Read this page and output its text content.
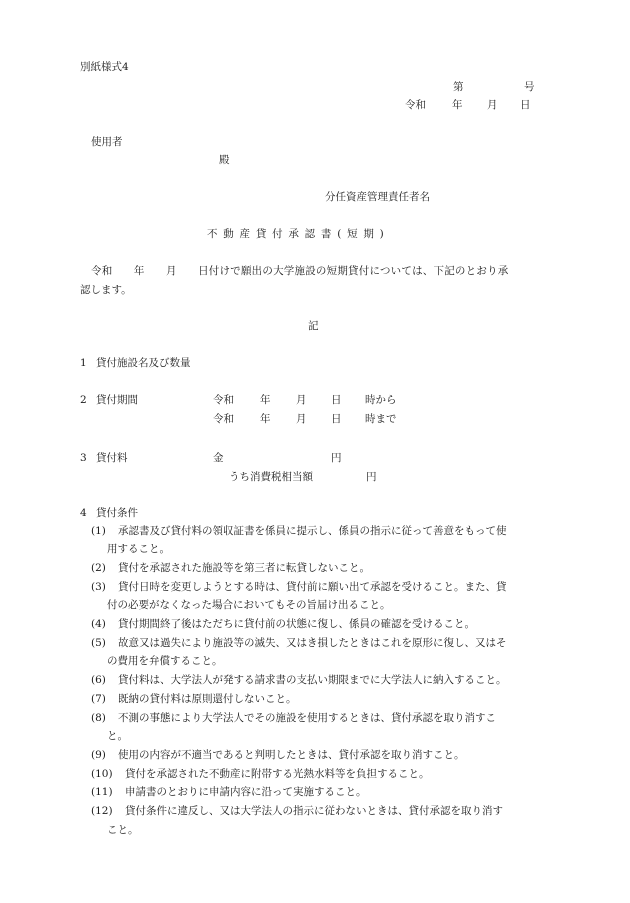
別紙様式4
第	号
令和 年 月 日
使用者
殿
分任資産管理責任者名
不動産貸付承認書(短期)
令和　　年　　月　　日付けで願出の大学施設の短期貸付については、下記のとおり承
認します。
記
1 貸付施設名及び数量
2 貸付期間	令和 年 月 日 時から
令和 年 月 日 時まで
3 貸付料	金	円
うち消費税相当額	円
4 貸付条件
(1) 承認書及び貸付料の領収証書を係員に提示し、係員の指示に従って善意をもって使
用すること。
(2) 貸付を承認された施設等を第三者に転貸しないこと。
(3) 貸付日時を変更しようとする時は、貸付前に願い出て承認を受けること。また、貸
付の必要がなくなった場合においてもその旨届け出ること。
(4) 貸付期間終了後はただちに貸付前の状態に復し、係員の確認を受けること。
(5) 故意又は過失により施設等の滅失、又はき損したときはこれを原形に復し、又はそ
の費用を弁償すること。
(6) 貸付料は、大学法人が発する請求書の支払い期限までに大学法人に納入すること。
(7) 既納の貸付料は原則還付しないこと。
(8) 不測の事態により大学法人でその施設を使用するときは、貸付承認を取り消すこ
と。
(9) 使用の内容が不適当であると判明したときは、貸付承認を取り消すこと。
(10) 貸付を承認された不動産に附帯する光熱水料等を負担すること。
(11) 申請書のとおりに申請内容に沿って実施すること。
(12) 貸付条件に違反し、又は大学法人の指示に従わないときは、貸付承認を取り消す
こと。
